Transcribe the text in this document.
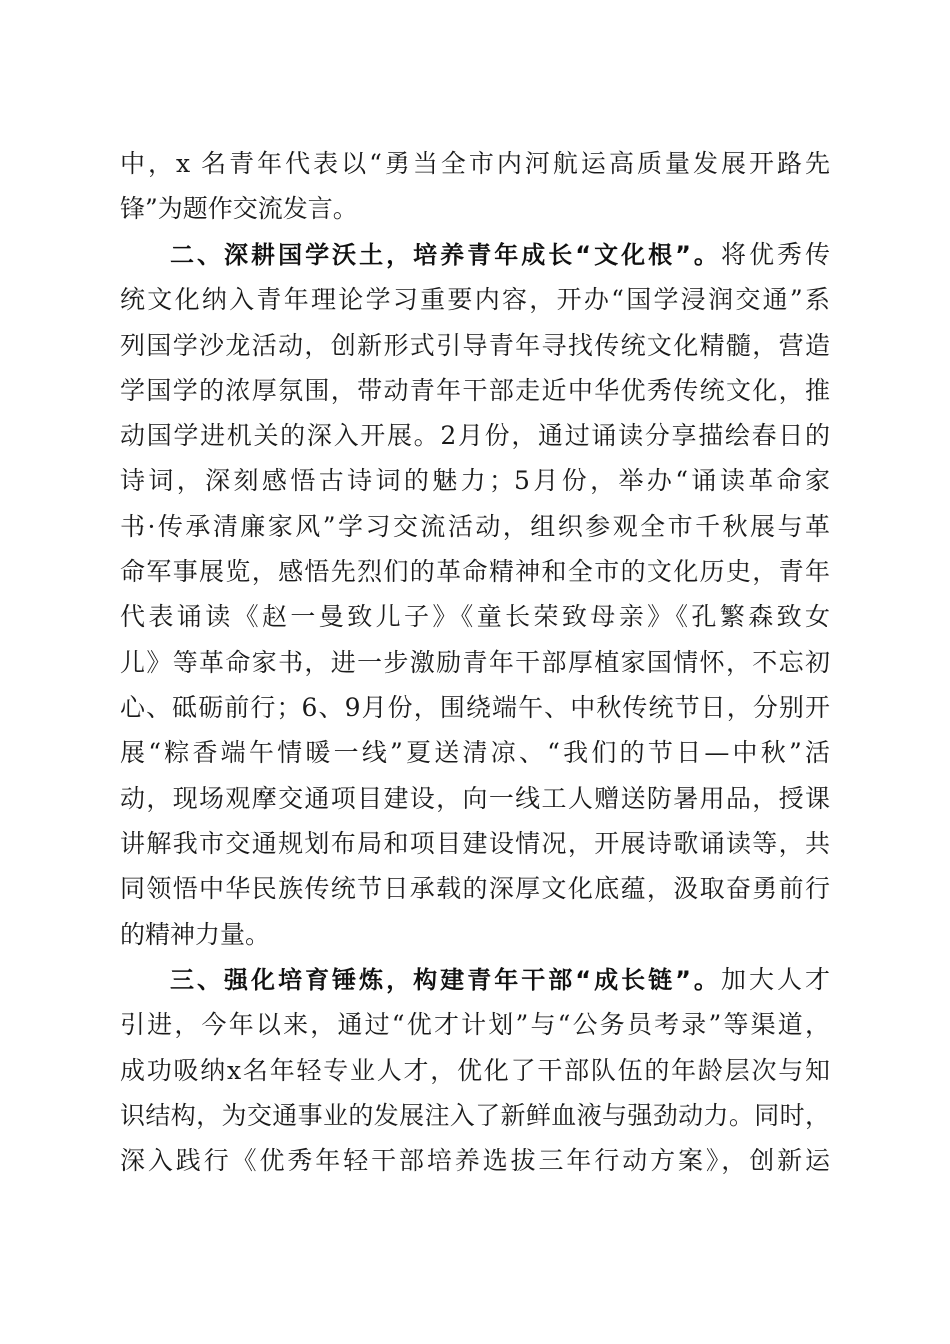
中，x 名青年代表以“勇当全市内河航运高质量发展开路先
锋”为题作交流发言。
二、深耕国学沃土，培养青年成长“文化根”。将优秀传
统文化纳入青年理论学习重要内容，开办“国学浸润交通”系
列国学沙龙活动，创新形式引导青年寻找传统文化精髓，营造
学国学的浓厚氛围，带动青年干部走近中华优秀传统文化，推
动国学进机关的深入开展。2月份，通过诵读分享描绘春日的
诗词，深刻感悟古诗词的魅力；5月份，举办“诵读革命家
书·传承清廉家风”学习交流活动，组织参观全市千秋展与革
命军事展览，感悟先烈们的革命精神和全市的文化历史，青年
代表诵读《赵一曼致儿子》《童长荣致母亲》《孔繁森致女
儿》等革命家书，进一步激励青年干部厚植家国情怀，不忘初
心、砥砺前行；6、9月份，围绕端午、中秋传统节日，分别开
展“粽香端午情暖一线”夏送清凉、“我们的节日—中秋”活
动，现场观摩交通项目建设，向一线工人赠送防暑用品，授课
讲解我市交通规划布局和项目建设情况，开展诗歌诵读等，共
同领悟中华民族传统节日承载的深厚文化底蕴，汲取奋勇前行
的精神力量。
三、强化培育锤炼，构建青年干部“成长链”。加大人才
引进，今年以来，通过“优才计划”与“公务员考录”等渠道，
成功吸纳x名年轻专业人才，优化了干部队伍的年龄层次与知
识结构，为交通事业的发展注入了新鲜血液与强劲动力。同时，
深入践行《优秀年轻干部培养选拔三年行动方案》，创新运
